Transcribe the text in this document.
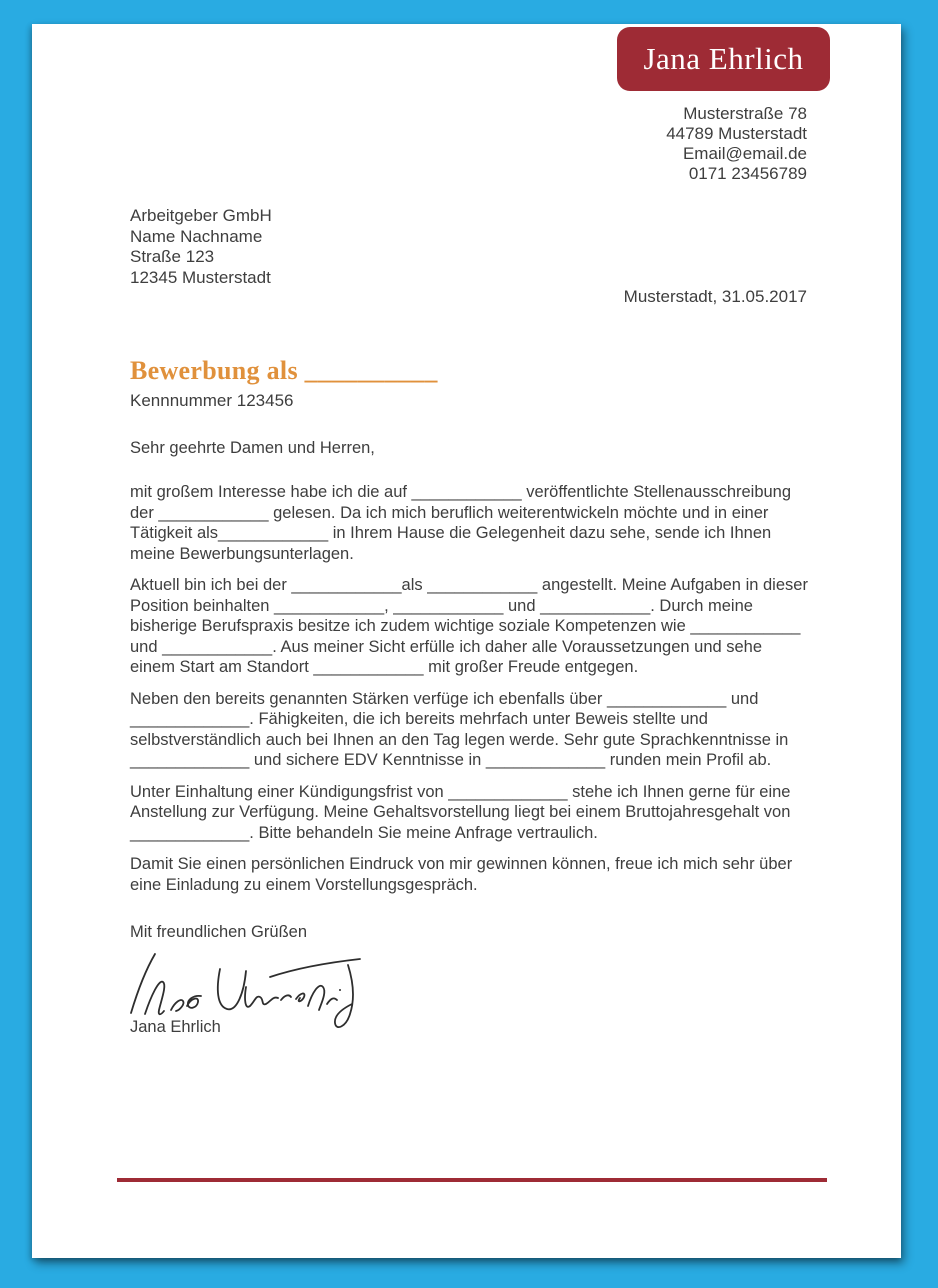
Jana Ehrlich
Musterstraße 78
44789 Musterstadt
Email@email.de
0171 23456789
Arbeitgeber GmbH
Name Nachname
Straße 123
12345 Musterstadt
Musterstadt, 31.05.2017
Bewerbung als __________
Kennnummer 123456

Sehr geehrte Damen und Herren,

mit großem Interesse habe ich die auf ____________ veröffentlichte Stellenausschreibung der ____________ gelesen. Da ich mich beruflich weiterentwickeln möchte und in einer Tätigkeit als____________ in Ihrem Hause die Gelegenheit dazu sehe, sende ich Ihnen meine Bewerbungsunterlagen.

Aktuell bin ich bei der ____________als ____________ angestellt. Meine Aufgaben in dieser Position beinhalten ____________, ____________ und ____________. Durch meine bisherige Berufspraxis besitze ich zudem wichtige soziale Kompetenzen wie ____________ und ____________. Aus meiner Sicht erfülle ich daher alle Voraussetzungen und sehe einem Start am Standort ____________ mit großer Freude entgegen.

Neben den bereits genannten Stärken verfüge ich ebenfalls über _____________ und _____________. Fähigkeiten, die ich bereits mehrfach unter Beweis stellte und selbstverständlich auch bei Ihnen an den Tag legen werde. Sehr gute Sprachkenntnisse in _____________ und sichere EDV Kenntnisse in _____________ runden mein Profil ab.

Unter Einhaltung einer Kündigungsfrist von _____________ stehe ich Ihnen gerne für eine Anstellung zur Verfügung. Meine Gehaltsvorstellung liegt bei einem Bruttojahresgehalt von _____________. Bitte behandeln Sie meine Anfrage vertraulich.

Damit Sie einen persönlichen Eindruck von mir gewinnen können, freue ich mich sehr über eine Einladung zu einem Vorstellungsgespräch.

Mit freundlichen Grüßen

Jana Ehrlich
